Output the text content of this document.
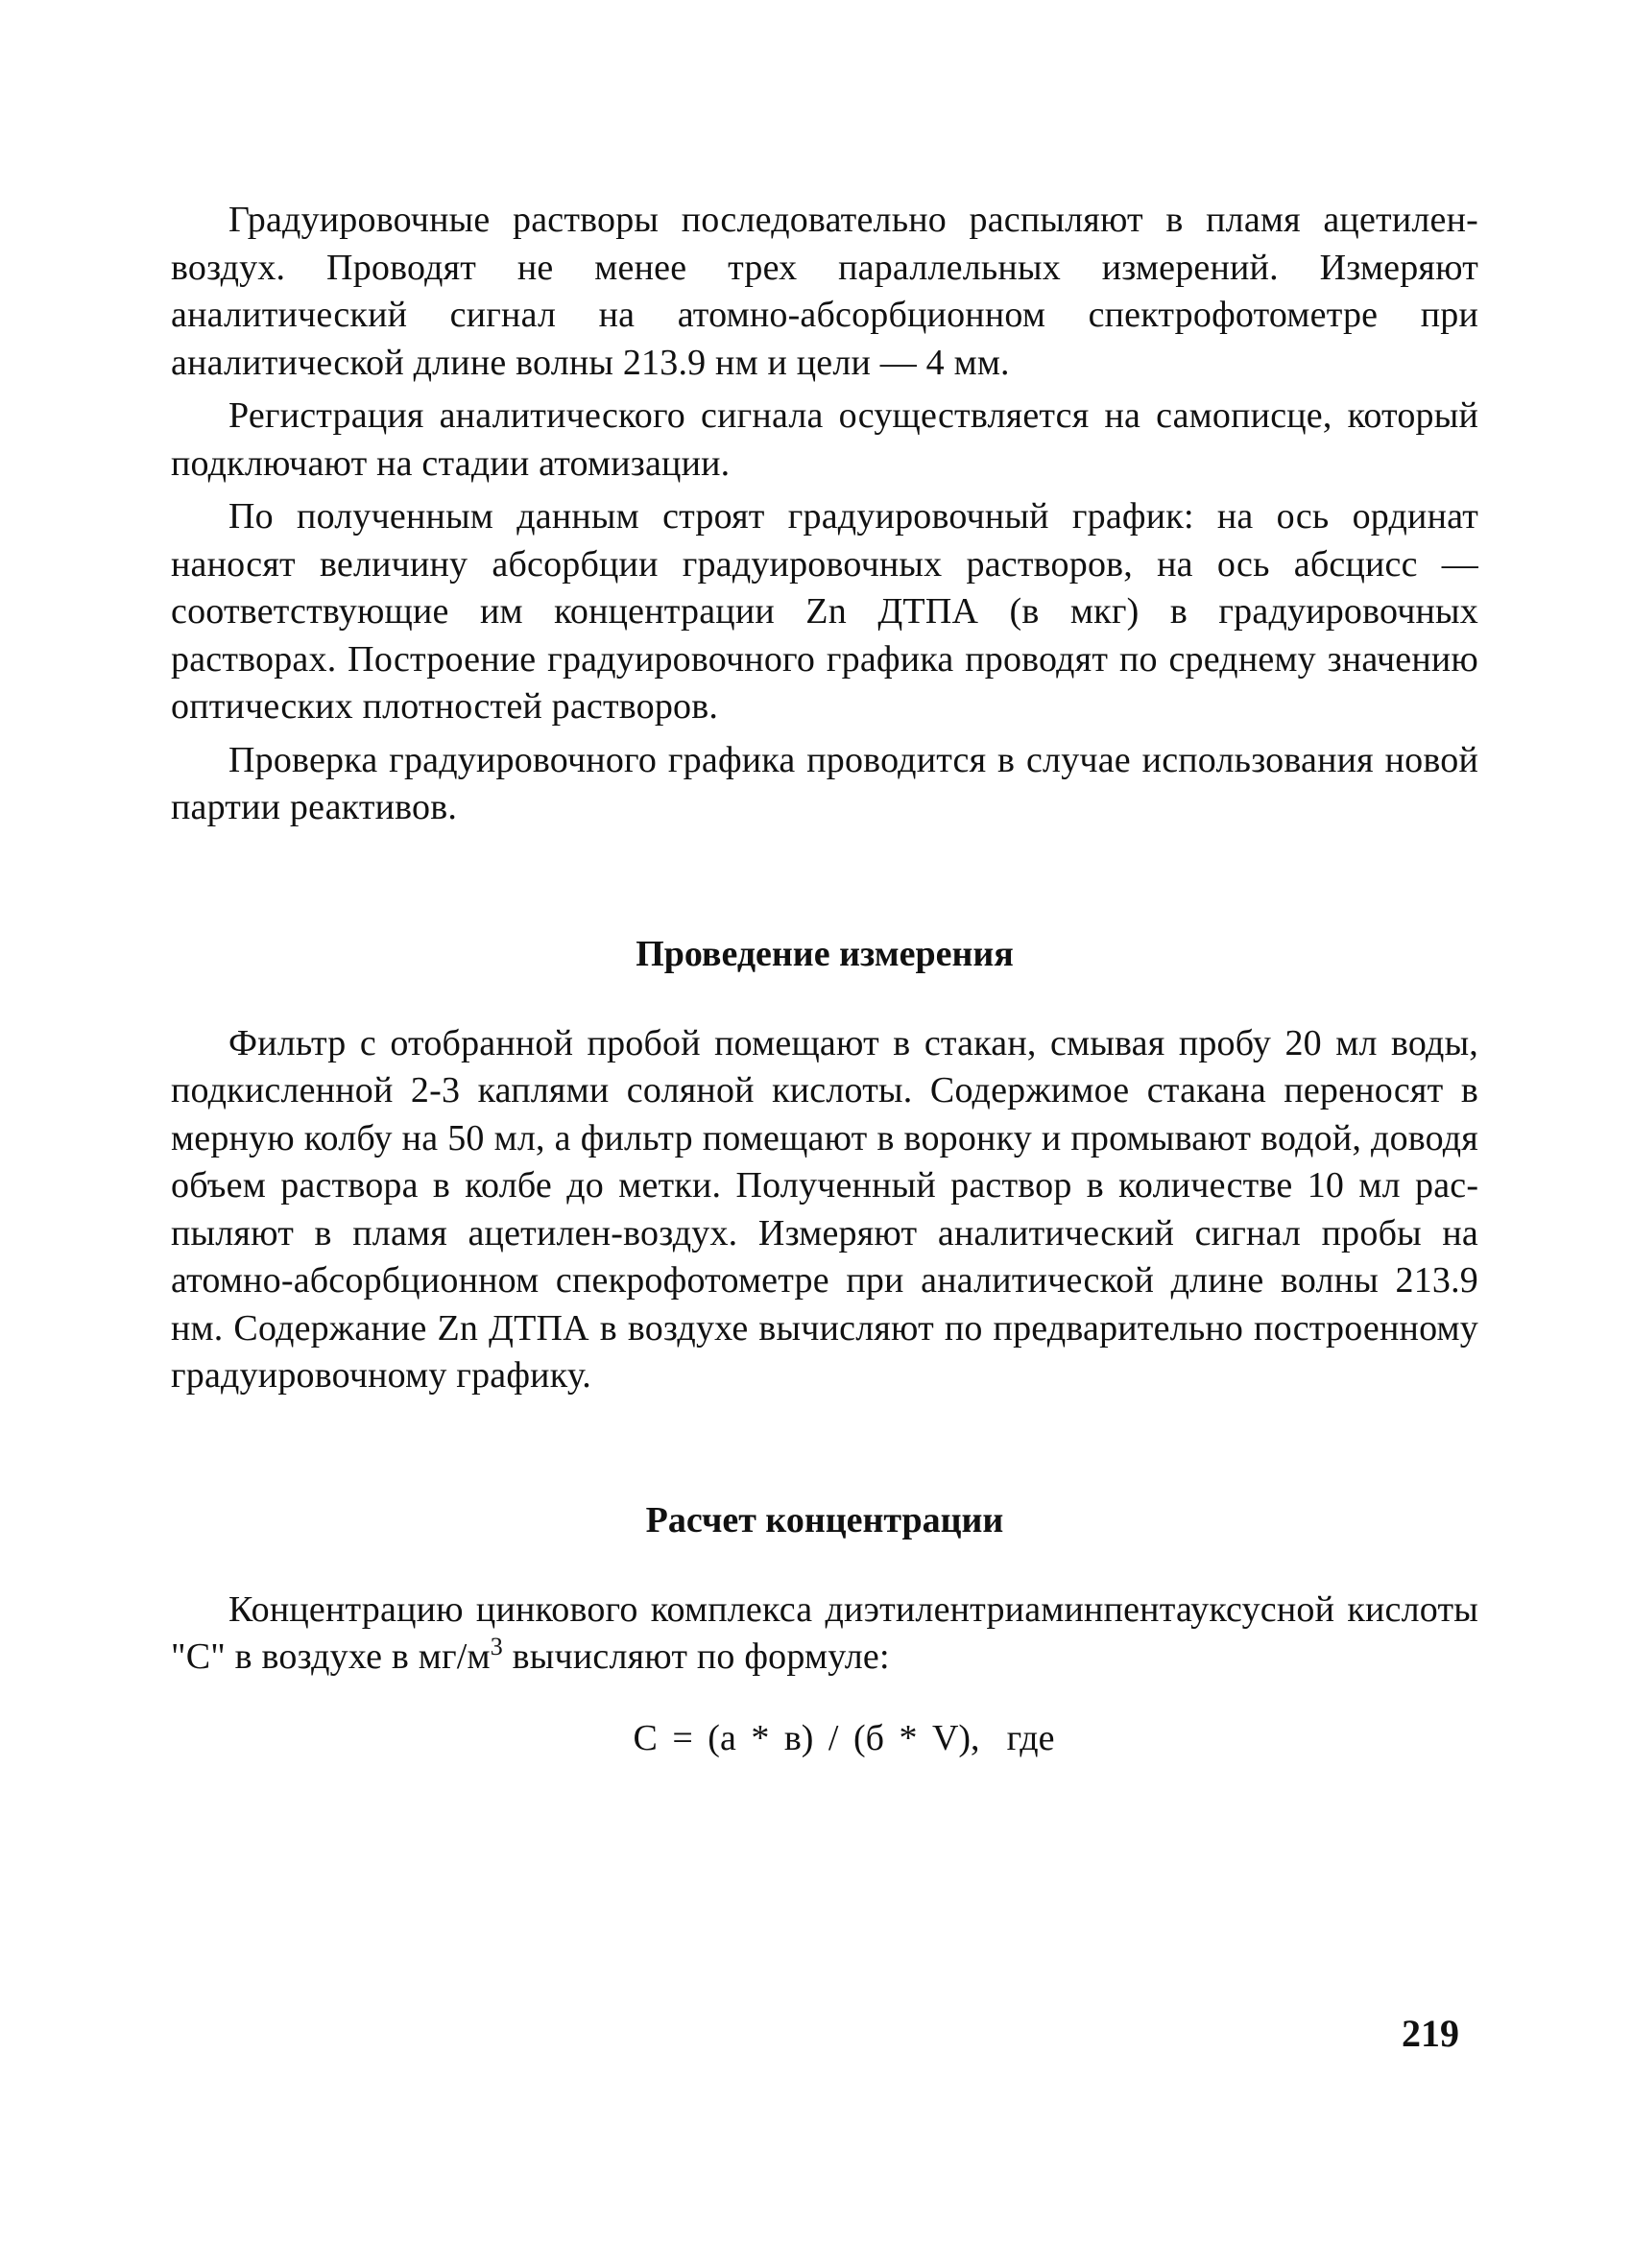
Градуировочные растворы последовательно распыляют в пламя ацетилен-воздух. Проводят не менее трех параллельных измерений. Измеряют аналитический сигнал на атомно-абсорбционном спектрофотометре при аналитической длине волны 213.9 нм и цели — 4 мм.

Регистрация аналитического сигнала осуществляется на самописце, который подключают на стадии атомизации.

По полученным данным строят градуировочный график: на ось ординат наносят величину абсорбции градуировочных растворов, на ось абсцисс — соответствующие им концентрации Zn ДТПА (в мкг) в градуировочных растворах. Построение градуировочного графика проводят по среднему значению оптических плотностей растворов.

Проверка градуировочного графика проводится в случае использования новой партии реактивов.

Проведение измерения

Фильтр с отобранной пробой помещают в стакан, смывая пробу 20 мл воды, подкисленной 2-3 каплями соляной кислоты. Содержимое стакана переносят в мерную колбу на 50 мл, а фильтр помещают в воронку и промывают водой, доводя объем раствора в колбе до метки. Полученный раствор в количестве 10 мл распыляют в пламя ацетилен-воздух. Измеряют аналитический сигнал пробы на атомно-абсорбционном спекрофотометре при аналитической длине волны 213.9 нм. Содержание Zn ДТПА в воздухе вычисляют по предварительно построенному градуировочному графику.

Расчет концентрации

Концентрацию цинкового комплекса диэтилентриаминпентауксусной кислоты "С" в воздухе в $мг/м^3$ вычисляют по формуле:

С = (а * в) / (б * V), где
219
